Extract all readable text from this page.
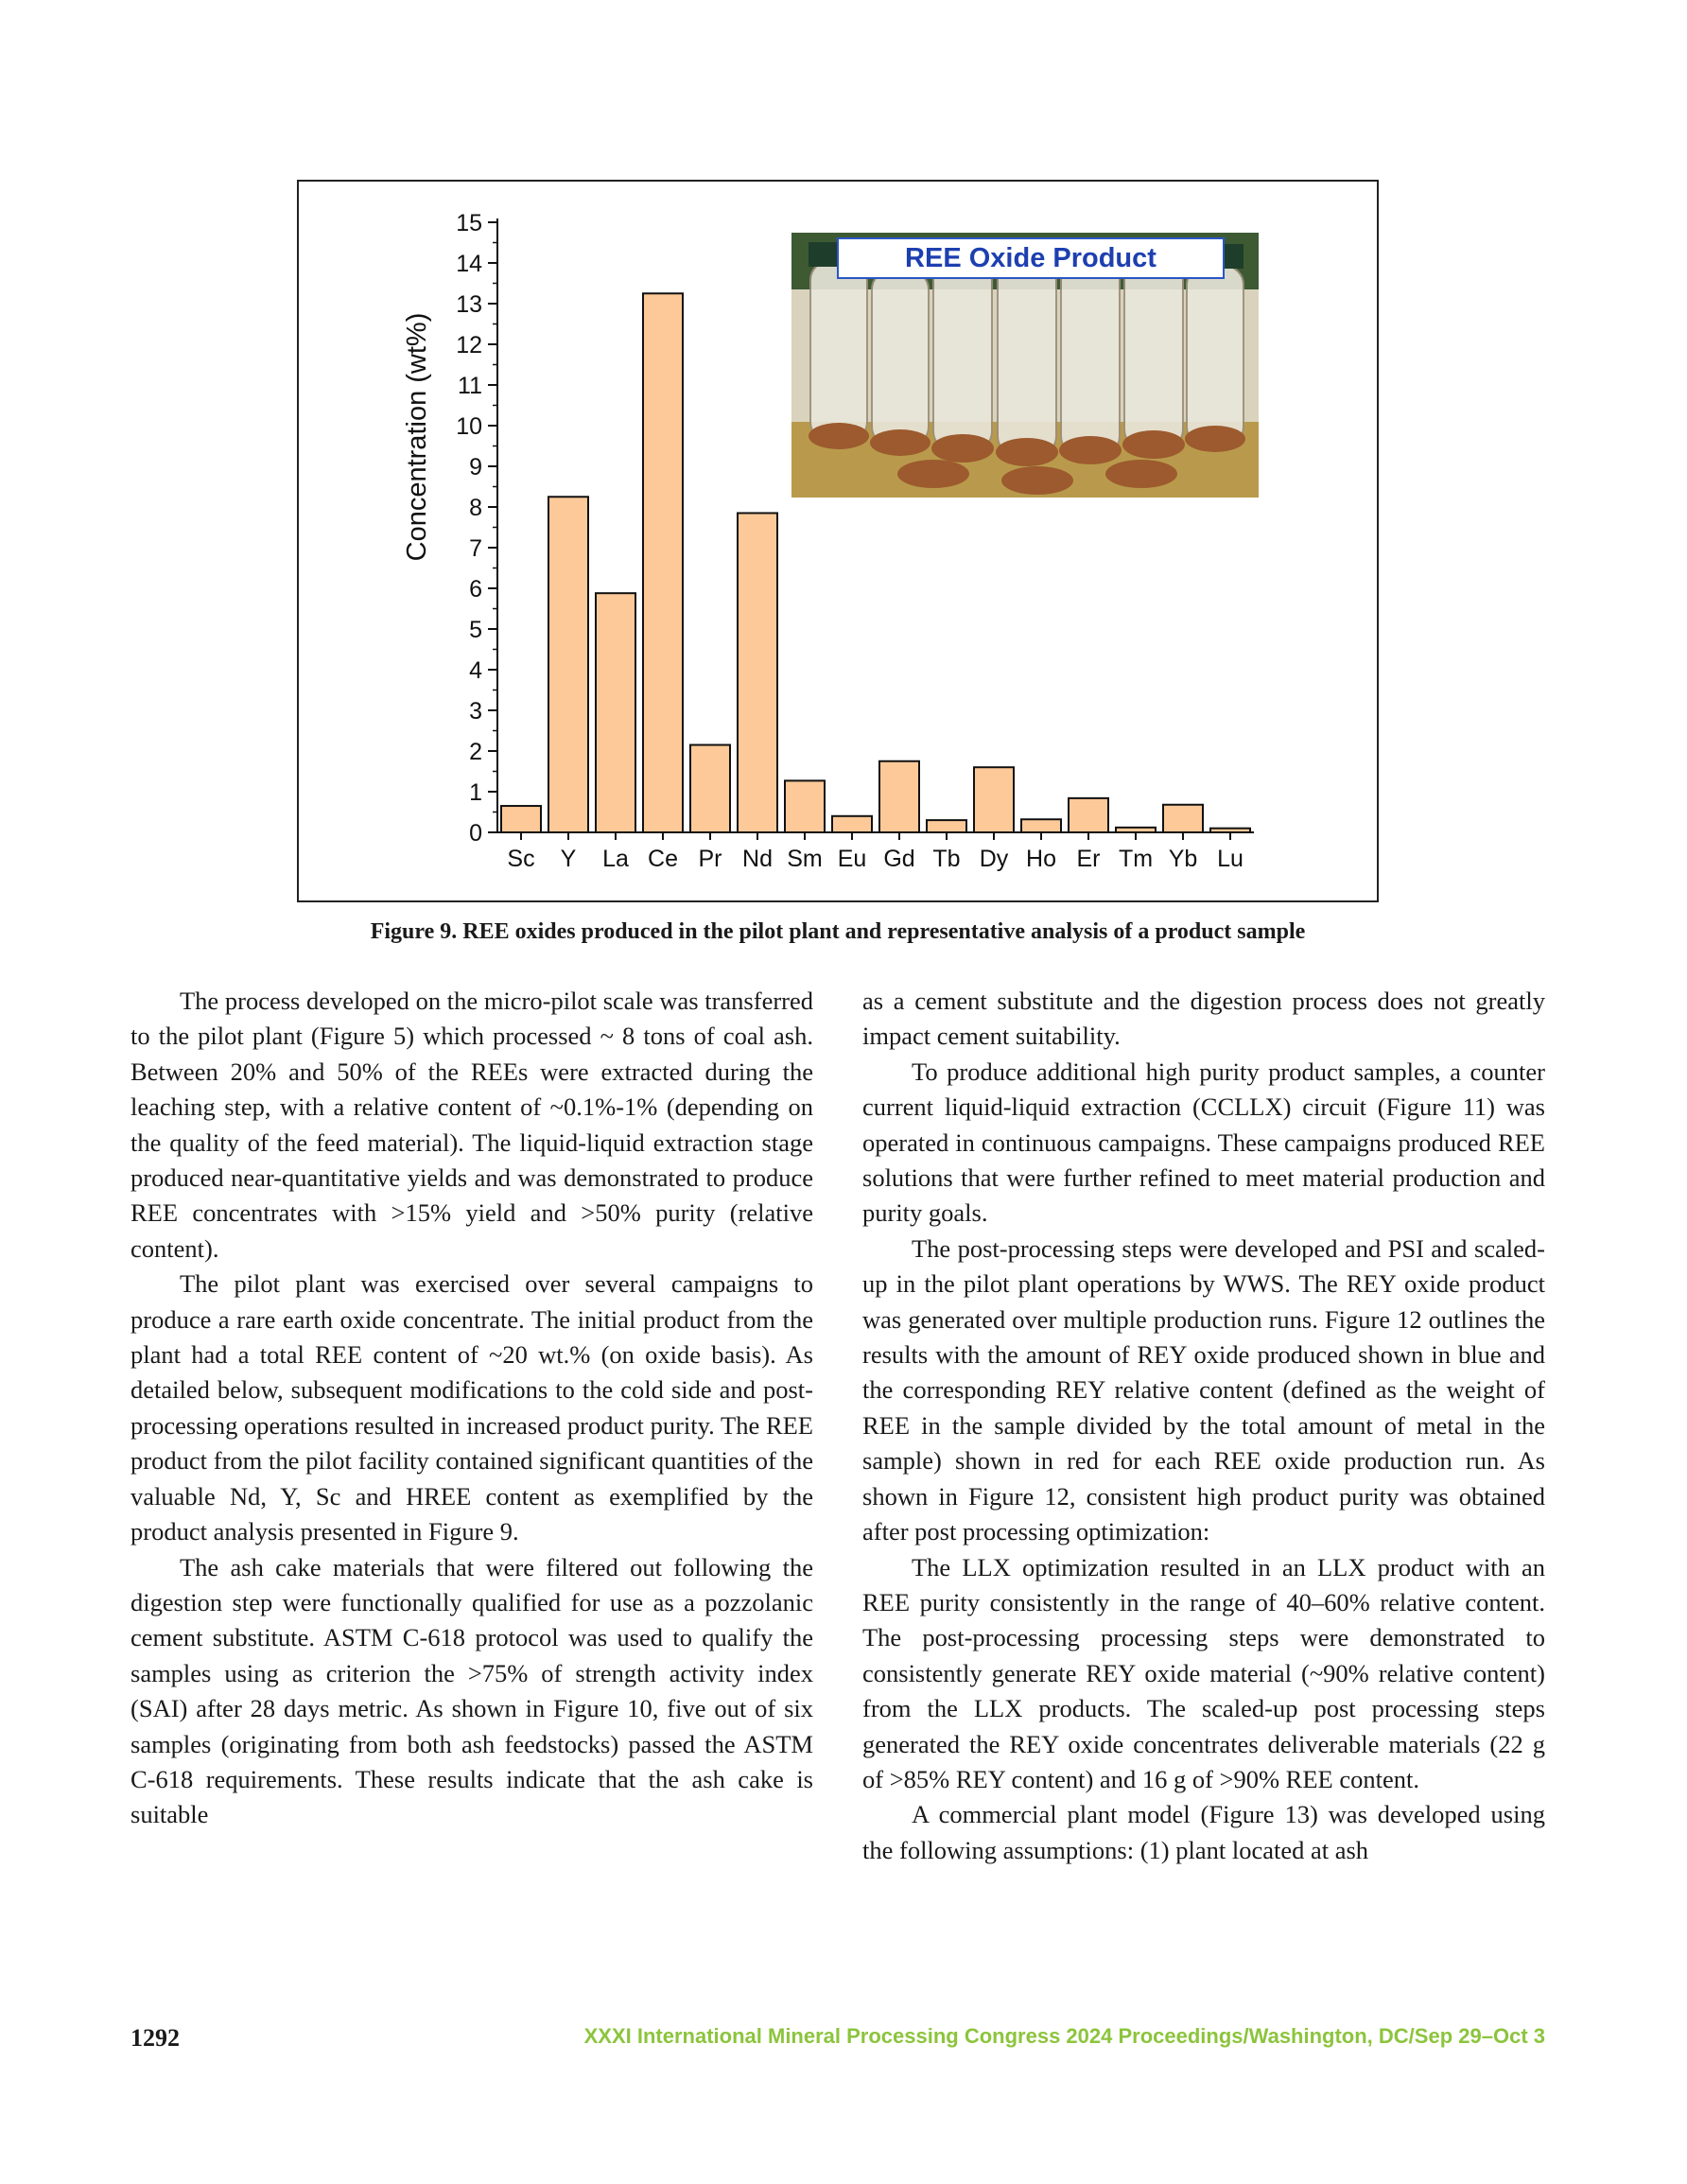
0
1
2
3
4
5
6
7
8
9
10
11
12
13
14
15
Sc Y La Ce Pr Nd Sm Eu Gd Tb Dy Ho Er Tm Yb Lu
Concentration (wt%)
REE Oxide Product
Figure 9. REE oxides produced in the pilot plant and representative analysis of a product sample

The process developed on the micro-pilot scale was transferred to the pilot plant (Figure 5) which processed ~ 8 tons of coal ash. Between 20% and 50% of the REEs were extracted during the leaching step, with a relative content of ~0.1%-1% (depending on the quality of the feed material). The liquid-liquid extraction stage produced near-quantitative yields and was demonstrated to produce REE concentrates with >15% yield and >50% purity (relative content).

The pilot plant was exercised over several campaigns to produce a rare earth oxide concentrate. The initial product from the plant had a total REE content of ~20 wt.% (on oxide basis). As detailed below, subsequent modifications to the cold side and post-processing operations resulted in increased product purity. The REE product from the pilot facility contained significant quantities of the valuable Nd, Y, Sc and HREE content as exemplified by the product analysis presented in Figure 9.

The ash cake materials that were filtered out following the digestion step were functionally qualified for use as a pozzolanic cement substitute. ASTM C-618 protocol was used to qualify the samples using as criterion the >75% of strength activity index (SAI) after 28 days metric. As shown in Figure 10, five out of six samples (originating from both ash feedstocks) passed the ASTM C-618 requirements. These results indicate that the ash cake is suitable

as a cement substitute and the digestion process does not greatly impact cement suitability.

To produce additional high purity product samples, a counter current liquid-liquid extraction (CCLLX) circuit (Figure 11) was operated in continuous campaigns. These campaigns produced REE solutions that were further refined to meet material production and purity goals.

The post-processing steps were developed and PSI and scaled-up in the pilot plant operations by WWS. The REY oxide product was generated over multiple production runs. Figure 12 outlines the results with the amount of REY oxide produced shown in blue and the corresponding REY relative content (defined as the weight of REE in the sample divided by the total amount of metal in the sample) shown in red for each REE oxide production run. As shown in Figure 12, consistent high product purity was obtained after post processing optimization:

The LLX optimization resulted in an LLX product with an REE purity consistently in the range of 40–60% relative content. The post-processing processing steps were demonstrated to consistently generate REY oxide material (~90% relative content) from the LLX products. The scaled-up post processing steps generated the REY oxide concentrates deliverable materials (22 g of >85% REY content) and 16 g of >90% REE content.

A commercial plant model (Figure 13) was developed using the following assumptions: (1) plant located at ash

1292	XXXI International Mineral Processing Congress 2024 Proceedings/Washington, DC/Sep 29–Oct 3
